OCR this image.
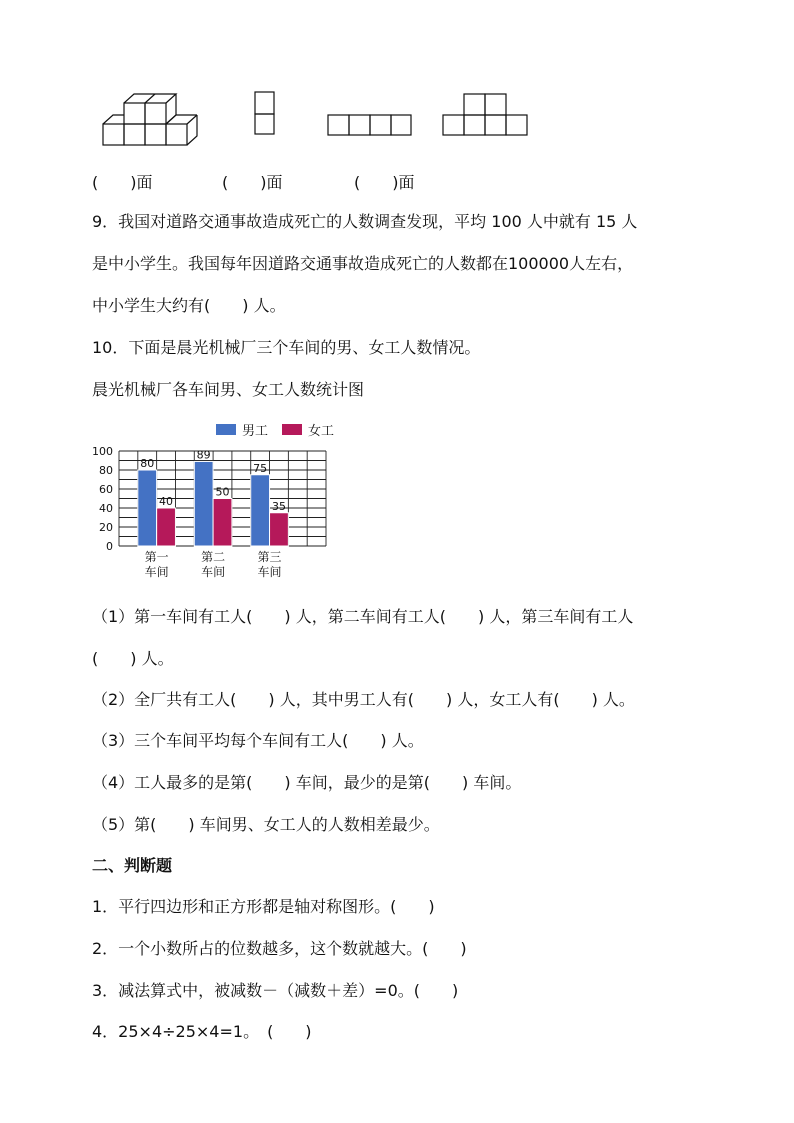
(　　)面	(　　)面	(　　)面
9．我国对道路交通事故造成死亡的人数调查发现，平均 100 人中就有 15 人
是中小学生。我国每年因道路交通事故造成死亡的人数都在100000人左右，
中小学生大约有(　　) 人。
10．下面是晨光机械厂三个车间的男、女工人数情况。
晨光机械厂各车间男、女工人数统计图
0
20
40
60
80
100
80
40
第一
车间
89
50
第二
车间
75
35
第三
车间
男工	女工
（1）第一车间有工人(　　) 人，第二车间有工人(　　) 人，第三车间有工人
(　　) 人。
（2）全厂共有工人(　　) 人，其中男工人有(　　) 人，女工人有(　　) 人。
（3）三个车间平均每个车间有工人(　　) 人。
（4）工人最多的是第(　　) 车间，最少的是第(　　) 车间。
（5）第(　　) 车间男、女工人的人数相差最少。
二、判断题
1．平行四边形和正方形都是轴对称图形。(　　)
2．一个小数所占的位数越多，这个数就越大。(　　)
3．减法算式中，被减数－（减数＋差）=0。(　　)
4．25×4÷25×4=1。　(　　)
